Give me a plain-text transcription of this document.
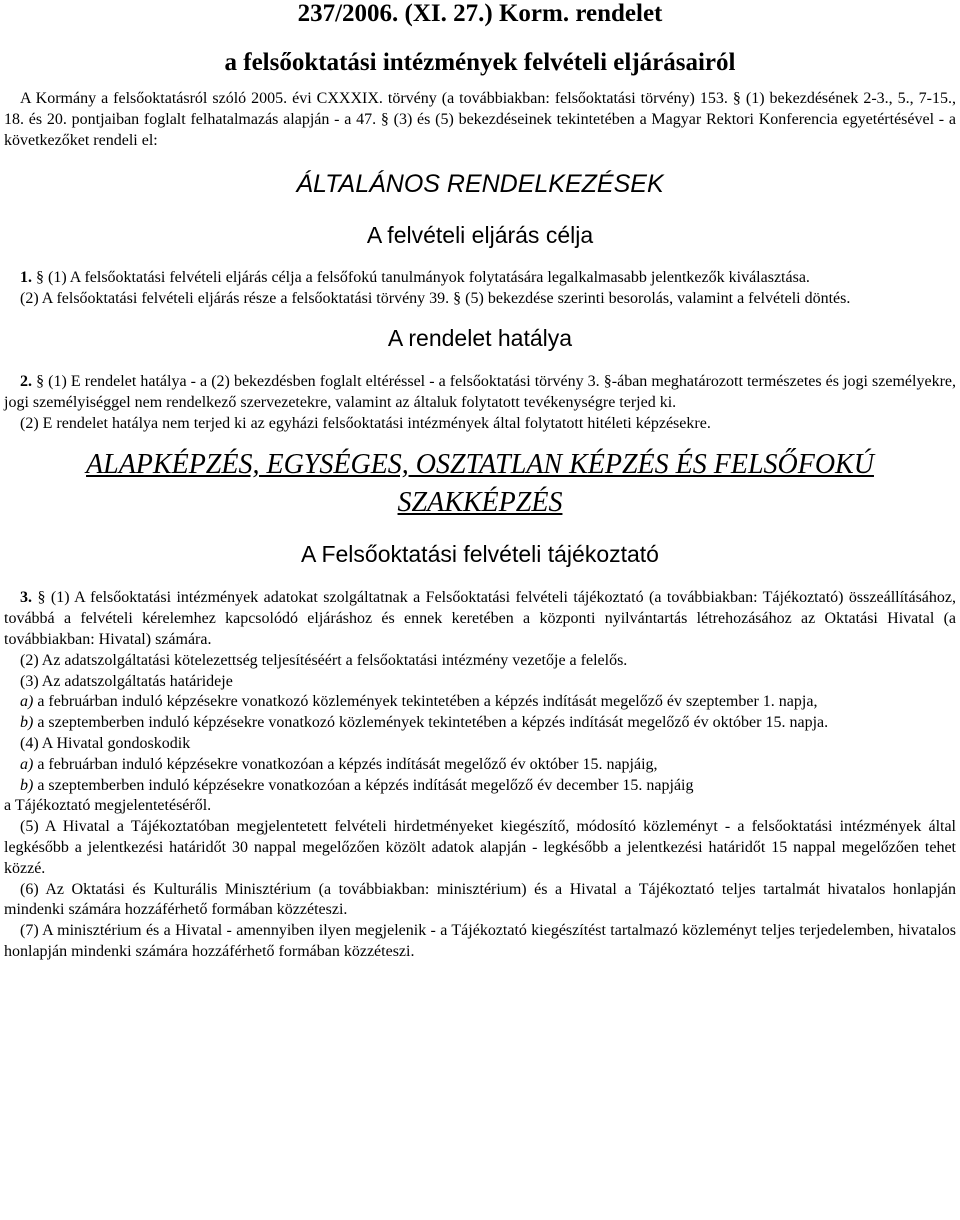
237/2006. (XI. 27.) Korm. rendelet

a felsőoktatási intézmények felvételi eljárásairól

A Kormány a felsőoktatásról szóló 2005. évi CXXXIX. törvény (a továbbiakban: felsőoktatási törvény) 153. § (1) bekezdésének 2-3., 5., 7-15., 18. és 20. pontjaiban foglalt felhatalmazás alapján - a 47. § (3) és (5) bekezdéseinek tekintetében a Magyar Rektori Konferencia egyetértésével - a következőket rendeli el:

ÁLTALÁNOS RENDELKEZÉSEK

A felvételi eljárás célja

1. § (1) A felsőoktatási felvételi eljárás célja a felsőfokú tanulmányok folytatására legalkalmasabb jelentkezők kiválasztása.

(2) A felsőoktatási felvételi eljárás része a felsőoktatási törvény 39. § (5) bekezdése szerinti besorolás, valamint a felvételi döntés.

A rendelet hatálya

2. § (1) E rendelet hatálya - a (2) bekezdésben foglalt eltéréssel - a felsőoktatási törvény 3. §-ában meghatározott természetes és jogi személyekre, jogi személyiséggel nem rendelkező szervezetekre, valamint az általuk folytatott tevékenységre terjed ki.

(2) E rendelet hatálya nem terjed ki az egyházi felsőoktatási intézmények által folytatott hitéleti képzésekre.

ALAPKÉPZÉS, EGYSÉGES, OSZTATLAN KÉPZÉS ÉS FELSŐFOKÚ

SZAKKÉPZÉS

A Felsőoktatási felvételi tájékoztató

3. § (1) A felsőoktatási intézmények adatokat szolgáltatnak a Felsőoktatási felvételi tájékoztató (a továbbiakban: Tájékoztató) összeállításához, továbbá a felvételi kérelemhez kapcsolódó eljáráshoz és ennek keretében a központi nyilvántartás létrehozásához az Oktatási Hivatal (a továbbiakban: Hivatal) számára.

(2) Az adatszolgáltatási kötelezettség teljesítéséért a felsőoktatási intézmény vezetője a felelős.

(3) Az adatszolgáltatás határideje

a) a februárban induló képzésekre vonatkozó közlemények tekintetében a képzés indítását megelőző év szeptember 1. napja,

b) a szeptemberben induló képzésekre vonatkozó közlemények tekintetében a képzés indítását megelőző év október 15. napja.

(4) A Hivatal gondoskodik

a) a februárban induló képzésekre vonatkozóan a képzés indítását megelőző év október 15. napjáig,

b) a szeptemberben induló képzésekre vonatkozóan a képzés indítását megelőző év december 15. napjáig

a Tájékoztató megjelentetéséről.

(5) A Hivatal a Tájékoztatóban megjelentetett felvételi hirdetményeket kiegészítő, módosító közleményt - a felsőoktatási intézmények által legkésőbb a jelentkezési határidőt 30 nappal megelőzően közölt adatok alapján - legkésőbb a jelentkezési határidőt 15 nappal megelőzően tehet közzé.

(6) Az Oktatási és Kulturális Minisztérium (a továbbiakban: minisztérium) és a Hivatal a Tájékoztató teljes tartalmát hivatalos honlapján mindenki számára hozzáférhető formában közzéteszi.

(7) A minisztérium és a Hivatal - amennyiben ilyen megjelenik - a Tájékoztató kiegészítést tartalmazó közleményt teljes terjedelemben, hivatalos honlapján mindenki számára hozzáférhető formában közzéteszi.
